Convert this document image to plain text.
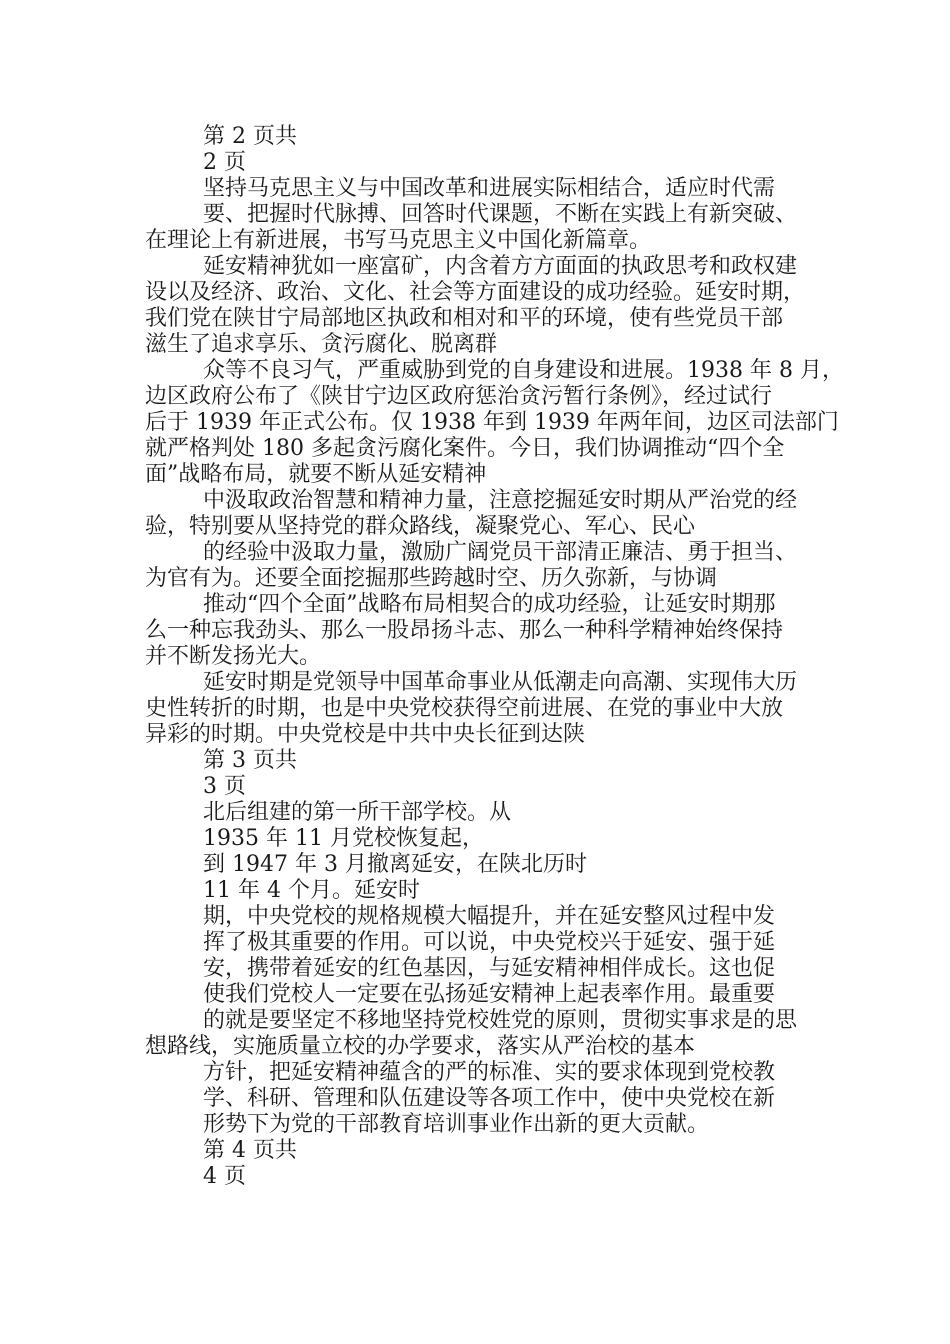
第 2 页共
2 页
坚持马克思主义与中国改革和进展实际相结合，适应时代需
要、把握时代脉搏、回答时代课题，不断在实践上有新突破、
在理论上有新进展，书写马克思主义中国化新篇章。
延安精神犹如一座富矿，内含着方方面面的执政思考和政权建
设以及经济、政治、文化、社会等方面建设的成功经验。延安时期，
我们党在陕甘宁局部地区执政和相对和平的环境，使有些党员干部
滋生了追求享乐、贪污腐化、脱离群
众等不良习气，严重威胁到党的自身建设和进展。1938 年 8 月，
边区政府公布了《陕甘宁边区政府惩治贪污暂行条例》，经过试行
后于 1939 年正式公布。仅 1938 年到 1939 年两年间，边区司法部门
就严格判处 180 多起贪污腐化案件。今日，我们协调推动“四个全
面”战略布局，就要不断从延安精神
中汲取政治智慧和精神力量，注意挖掘延安时期从严治党的经
验，特别要从坚持党的群众路线，凝聚党心、军心、民心
的经验中汲取力量，激励广阔党员干部清正廉洁、勇于担当、
为官有为。还要全面挖掘那些跨越时空、历久弥新，与协调
推动“四个全面”战略布局相契合的成功经验，让延安时期那
么一种忘我劲头、那么一股昂扬斗志、那么一种科学精神始终保持
并不断发扬光大。
延安时期是党领导中国革命事业从低潮走向高潮、实现伟大历
史性转折的时期，也是中央党校获得空前进展、在党的事业中大放
异彩的时期。中央党校是中共中央长征到达陕
第 3 页共
3 页
北后组建的第一所干部学校。从
1935 年 11 月党校恢复起，
到 1947 年 3 月撤离延安，在陕北历时
11 年 4 个月。延安时
期，中央党校的规格规模大幅提升，并在延安整风过程中发
挥了极其重要的作用。可以说，中央党校兴于延安、强于延
安，携带着延安的红色基因，与延安精神相伴成长。这也促
使我们党校人一定要在弘扬延安精神上起表率作用。最重要
的就是要坚定不移地坚持党校姓党的原则，贯彻实事求是的思
想路线，实施质量立校的办学要求，落实从严治校的基本
方针，把延安精神蕴含的严的标准、实的要求体现到党校教
学、科研、管理和队伍建设等各项工作中，使中央党校在新
形势下为党的干部教育培训事业作出新的更大贡献。
第 4 页共
4 页
